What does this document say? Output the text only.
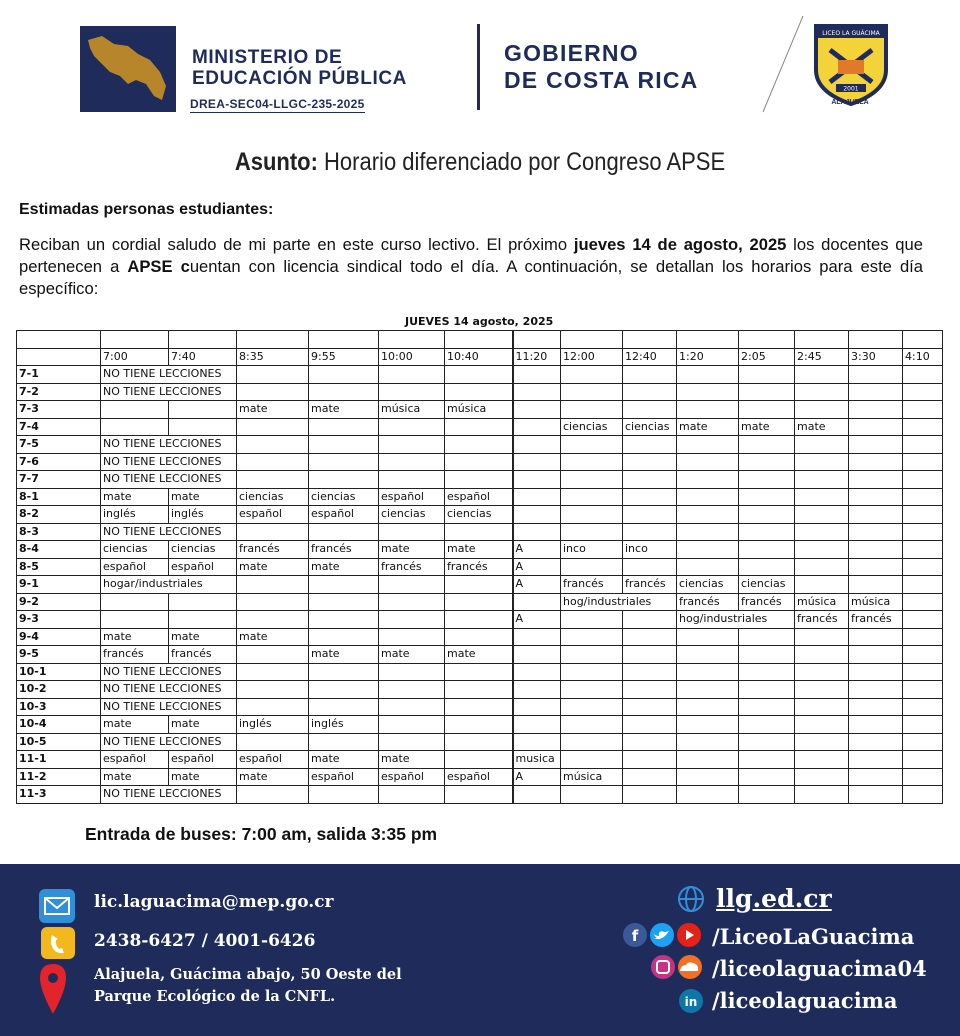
MINISTERIO DE
EDUCACIÓN PÚBLICA
DREA-SEC04-LLGC-235-2025
GOBIERNO
DE COSTA RICA
LICEO LA GUÁCIMA
2001
ALAJUELA
Asunto: Horario diferenciado por Congreso APSE
Estimadas personas estudiantes:
Reciban un cordial saludo de mi parte en este curso lectivo. El próximo jueves 14 de agosto, 2025 los docentes que pertenecen a APSE cuentan con licencia sindical todo el día. A continuación, se detallan los horarios para este día específico:
JUEVES 14 agosto, 2025

	7:00	7:40	8:35	9:55	10:00	10:40	11:20	12:00	12:40	1:20	2:05	2:45	3:30	4:10
7-1	NO TIENE LECCIONES													
7-2	NO TIENE LECCIONES													
7-3			mate	mate	música	música								
7-4								ciencias	ciencias	mate	mate	mate		
7-5	NO TIENE LECCIONES													
7-6	NO TIENE LECCIONES													
7-7	NO TIENE LECCIONES													
8-1	mate	mate	ciencias	ciencias	español	español								
8-2	inglés	inglés	español	español	ciencias	ciencias								
8-3	NO TIENE LECCIONES													
8-4	ciencias	ciencias	francés	francés	mate	mate	A	inco	inco					
8-5	español	español	mate	mate	francés	francés	A							
9-1	hogar/industriales						A	francés	francés	ciencias	ciencias			
9-2								hog/industriales		francés	francés	música	música	
9-3							A			hog/industriales		francés	francés	
9-4	mate	mate	mate											
9-5	francés	francés		mate	mate	mate								
10-1	NO TIENE LECCIONES													
10-2	NO TIENE LECCIONES													
10-3	NO TIENE LECCIONES													
10-4	mate	mate	inglés	inglés										
10-5	NO TIENE LECCIONES													
11-1	español	español	español	mate	mate		musica							
11-2	mate	mate	mate	español	español	español	A	música						
11-3	NO TIENE LECCIONES													
Entrada de buses: 7:00 am, salida 3:35 pm
lic.laguacima@mep.go.cr
2438-6427 / 4001-6426
Alajuela, Guácima abajo, 50 Oeste del
Parque Ecológico de la CNFL.
llg.ed.cr
f	/LiceoLaGuacima
/liceolaguacima04
in /liceolaguacima
